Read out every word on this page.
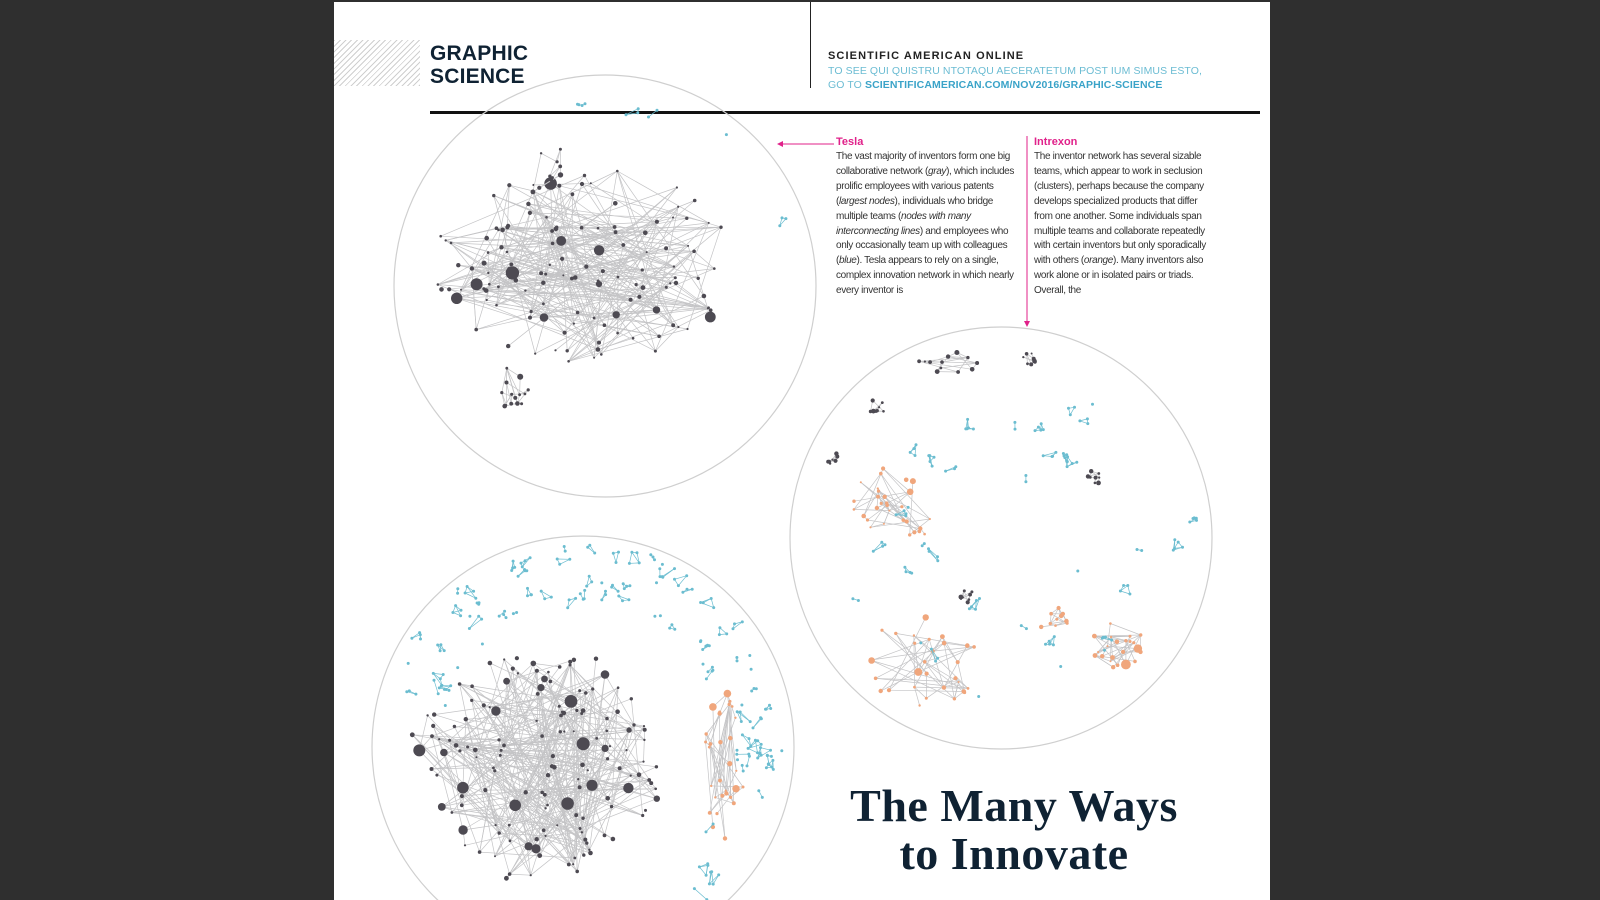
GRAPHIC
SCIENCE
SCIENTIFIC AMERICAN ONLINE
TO SEE QUI QUISTRU NTOTAQU AECERATETUM POST IUM SIMUS ESTO,
GO TO SCIENTIFICAMERICAN.COM/NOV2016/GRAPHIC-SCIENCE
Tesla
The vast majority of inventors form one big collaborative network (gray), which includes prolific employees with various patents (largest nodes), individuals who bridge multiple teams (nodes with many interconnecting lines) and employees who only occasionally team up with colleagues (blue). Tesla appears to rely on a single, complex innovation network in which nearly every inventor is
Intrexon
The inventor network has several sizable teams, which appear to work in seclusion (clusters), perhaps because the company develops specialized products that differ from one another. Some individuals span multiple teams and collaborate repeatedly with certain inventors but only sporadically with others (orange). Many inventors also work alone or in isolated pairs or triads. Overall, the
The Many Ways
to Innovate
